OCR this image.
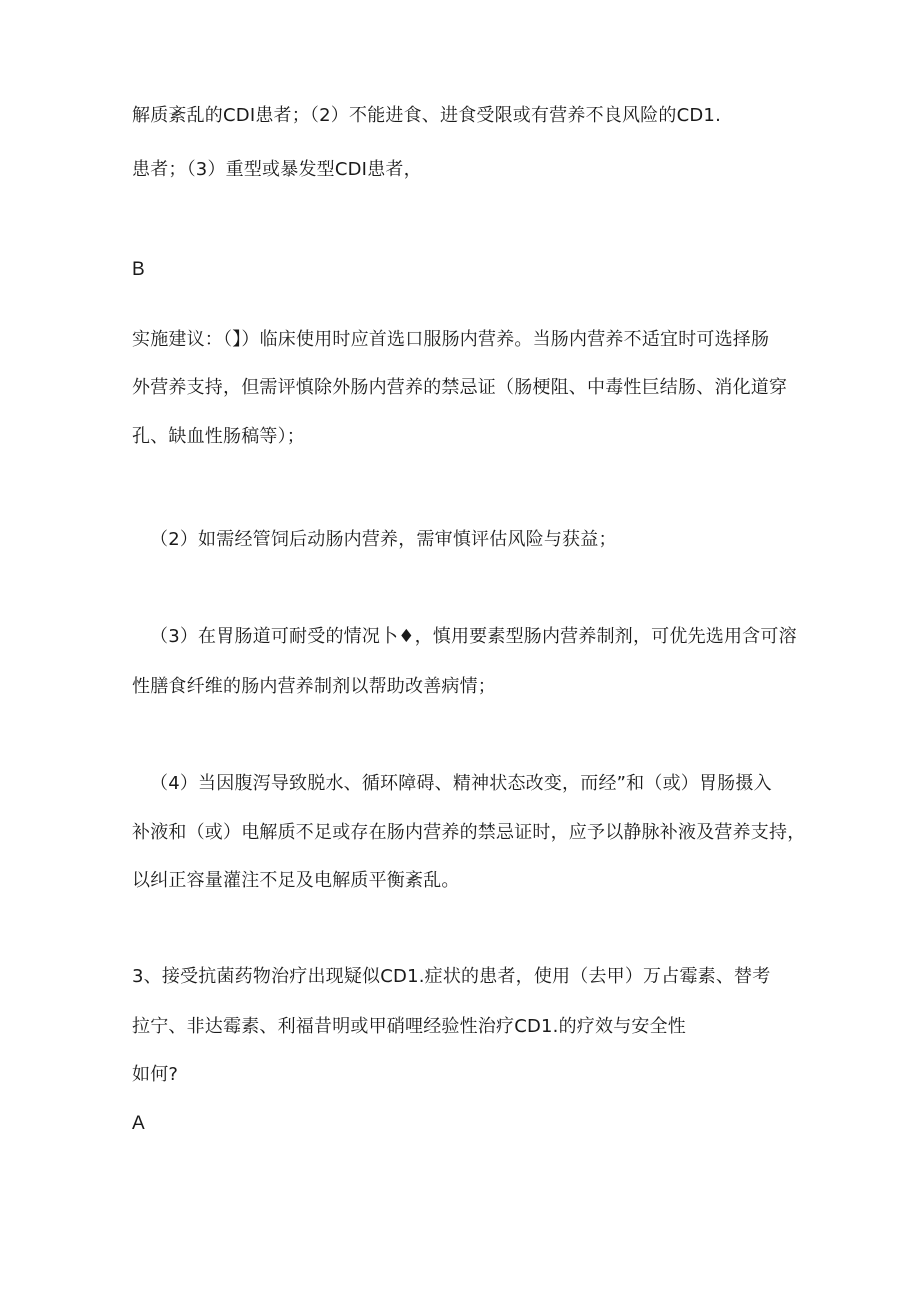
解质紊乱的CDI患者；（2）不能进食、进食受限或有营养不良风险的CD1.
患者；（3）重型或暴发型CDI患者，
B
实施建议：（】）临床使用时应首选口服肠内营养。当肠内营养不适宜时可选择肠
外营养支持，但需评慎除外肠内营养的禁忌证（肠梗阻、中毒性巨结肠、消化道穿
孔、缺血性肠稿等）；
（2）如需经管饲后动肠内营养，需审慎评估风险与获益；
（3）在胃肠道可耐受的情况卜♦，慎用要素型肠内营养制剂，可优先选用含可溶
性膳食纤维的肠内营养制剂以帮助改善病情；
（4）当因腹泻导致脱水、循环障碍、精神状态改变，而经”和（或）胃肠摄入
补液和（或）电解质不足或存在肠内营养的禁忌证时，应予以静脉补液及营养支持，
以纠正容量灌注不足及电解质平衡紊乱。
3、接受抗菌药物治疗出现疑似CD1.症状的患者，使用（去甲）万占霉素、替考
拉宁、非达霉素、利福昔明或甲硝哩经验性治疗CD1.的疗效与安全性
如何?
A
